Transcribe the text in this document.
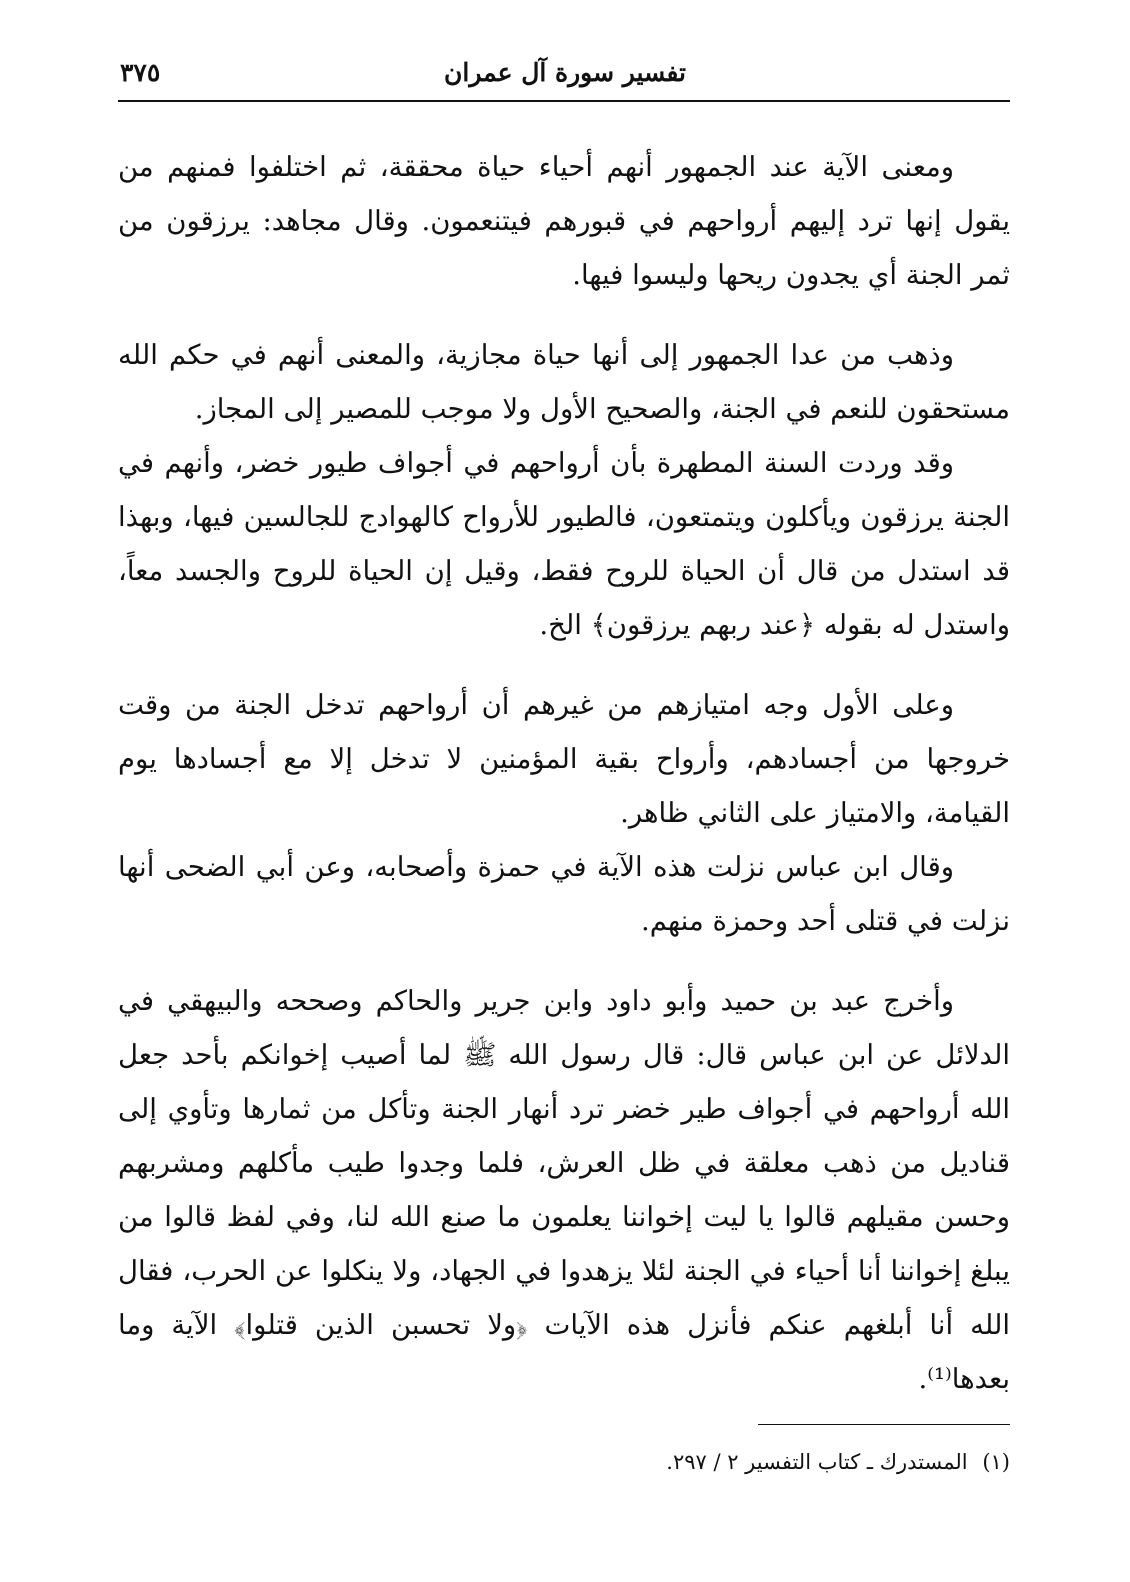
تفسير سورة آل عمران
٣٧٥

ومعنى الآية عند الجمهور أنهم أحياء حياة محققة، ثم اختلفوا فمنهم من يقول إنها ترد إليهم أرواحهم في قبورهم فيتنعمون. وقال مجاهد: يرزقون من ثمر الجنة أي يجدون ريحها وليسوا فيها.

وذهب من عدا الجمهور إلى أنها حياة مجازية، والمعنى أنهم في حكم الله مستحقون للنعم في الجنة، والصحيح الأول ولا موجب للمصير إلى المجاز.

وقد وردت السنة المطهرة بأن أرواحهم في أجواف طيور خضر، وأنهم في الجنة يرزقون ويأكلون ويتمتعون، فالطيور للأرواح كالهوادج للجالسين فيها، وبهذا قد استدل من قال أن الحياة للروح فقط، وقيل إن الحياة للروح والجسد معاً، واستدل له بقوله ﴿عند ربهم يرزقون﴾ الخ.

وعلى الأول وجه امتيازهم من غيرهم أن أرواحهم تدخل الجنة من وقت خروجها من أجسادهم، وأرواح بقية المؤمنين لا تدخل إلا مع أجسادها يوم القيامة، والامتياز على الثاني ظاهر.

وقال ابن عباس نزلت هذه الآية في حمزة وأصحابه، وعن أبي الضحى أنها نزلت في قتلى أحد وحمزة منهم.

وأخرج عبد بن حميد وأبو داود وابن جرير والحاكم وصححه والبيهقي في الدلائل عن ابن عباس قال: قال رسول الله ﷺ لما أصيب إخوانكم بأحد جعل الله أرواحهم في أجواف طير خضر ترد أنهار الجنة وتأكل من ثمارها وتأوي إلى قناديل من ذهب معلقة في ظل العرش، فلما وجدوا طيب مأكلهم ومشربهم وحسن مقيلهم قالوا يا ليت إخواننا يعلمون ما صنع الله لنا، وفي لفظ قالوا من يبلغ إخواننا أنا أحياء في الجنة لئلا يزهدوا في الجهاد، ولا ينكلوا عن الحرب، فقال الله أنا أبلغهم عنكم فأنزل هذه الآيات ﴿ولا تحسبن الذين قتلوا﴾ الآية وما بعدها⁽¹⁾.

(١) المستدرك ـ كتاب التفسير ٢ / ٢٩٧.
